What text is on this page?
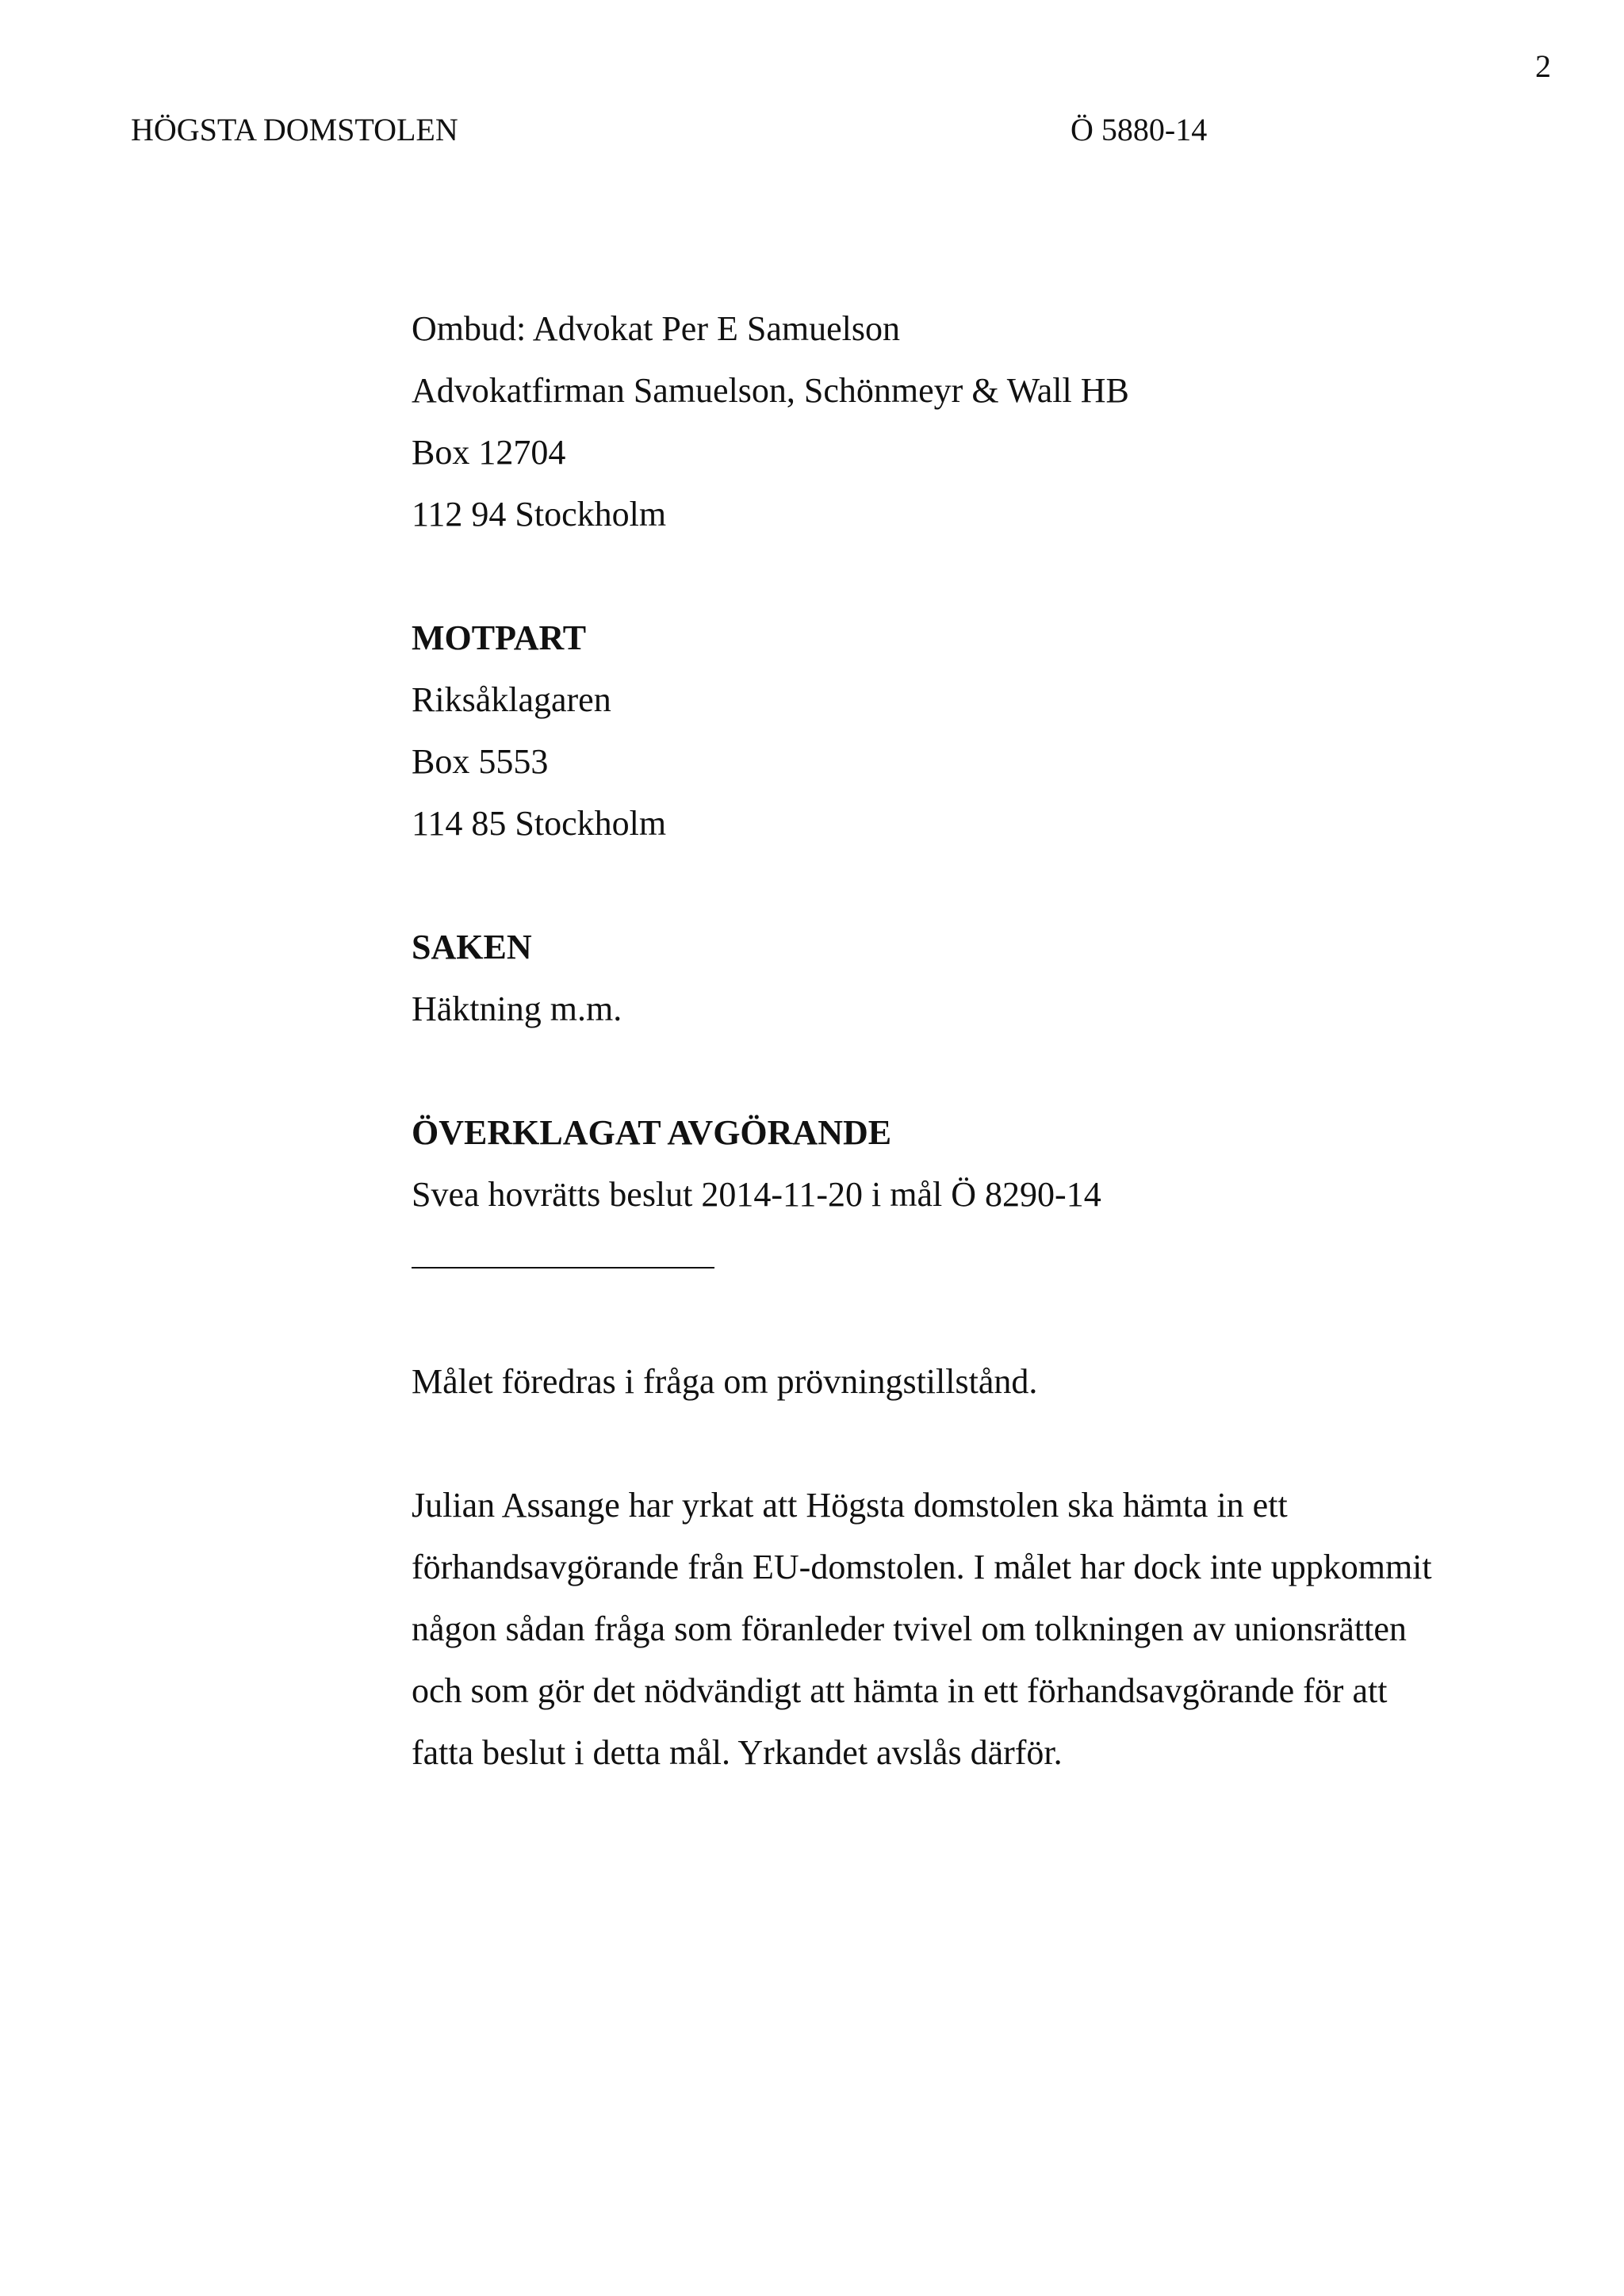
2
HÖGSTA DOMSTOLEN	Ö 5880-14
Ombud: Advokat Per E Samuelson
Advokatfirman Samuelson, Schönmeyr & Wall HB
Box 12704
112 94 Stockholm
MOTPART
Riksåklagaren
Box 5553
114 85 Stockholm
SAKEN
Häktning m.m.
ÖVERKLAGAT AVGÖRANDE
Svea hovrätts beslut 2014-11-20 i mål Ö 8290-14
Målet föredras i fråga om prövningstillstånd.
Julian Assange har yrkat att Högsta domstolen ska hämta in ett
förhandsavgörande från EU-domstolen. I målet har dock inte uppkommit
någon sådan fråga som föranleder tvivel om tolkningen av unionsrätten
och som gör det nödvändigt att hämta in ett förhandsavgörande för att
fatta beslut i detta mål. Yrkandet avslås därför.
